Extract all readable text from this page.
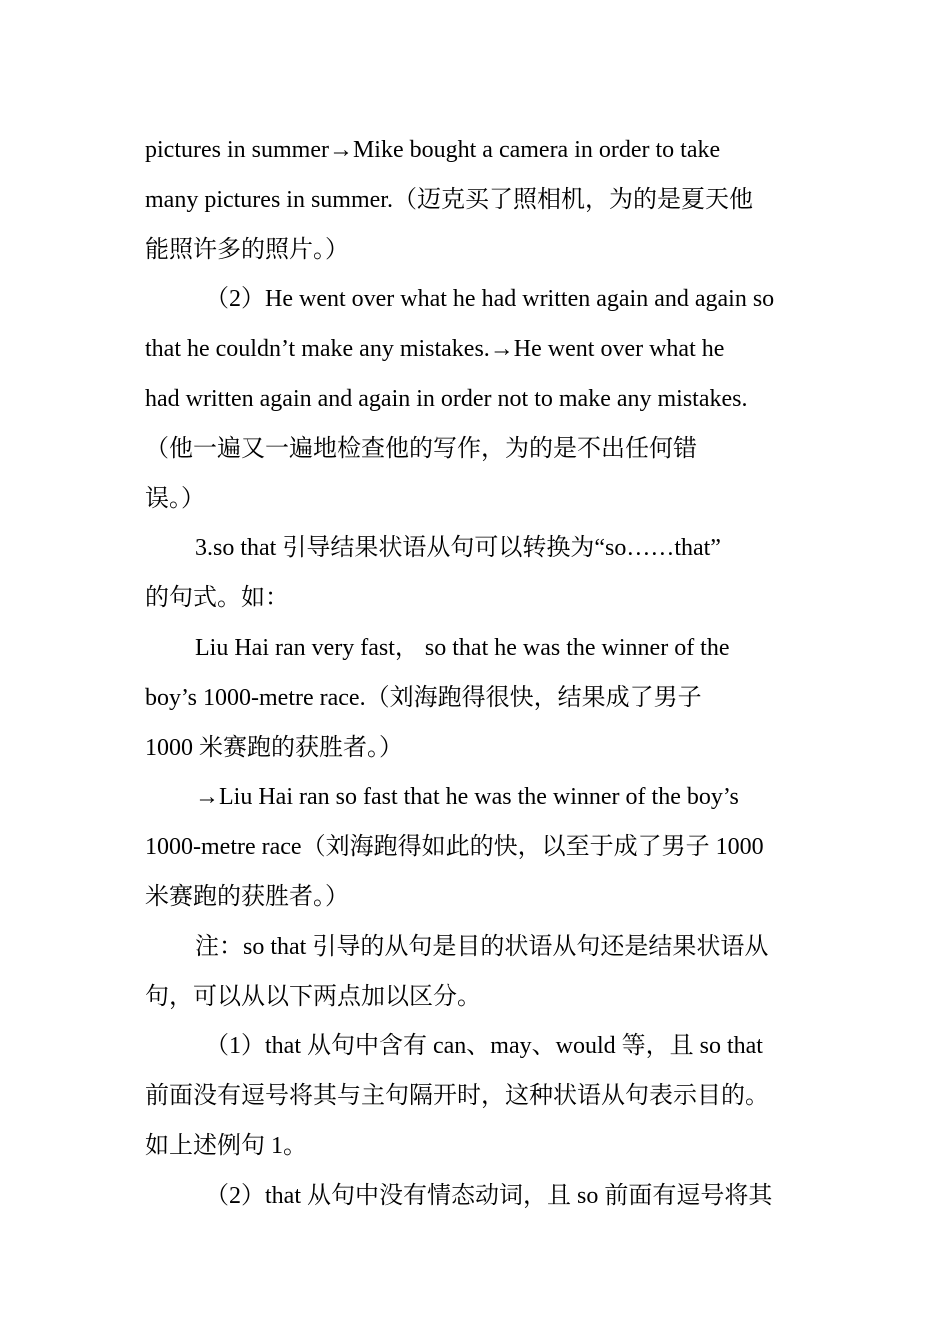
pictures in summer→Mike bought a camera in order to take
many pictures in summer.（迈克买了照相机，为的是夏天他
能照许多的照片。）
（2）He went over what he had written again and again so
that he couldn’t make any mistakes.→He went over what he
had written again and again in order not to make any mistakes.
（他一遍又一遍地检查他的写作，为的是不出任何错
误。）
3.so that 引导结果状语从句可以转换为“so……that”
的句式。如：
Liu Hai ran very fast， so that he was the winner of the
boy’s 1000-metre race.（刘海跑得很快，结果成了男子
1000 米赛跑的获胜者。）
→Liu Hai ran so fast that he was the winner of the boy’s
1000-metre race（刘海跑得如此的快，以至于成了男子 1000
米赛跑的获胜者。）
注：so that 引导的从句是目的状语从句还是结果状语从
句，可以从以下两点加以区分。
（1）that 从句中含有 can、may、would 等，且 so that
前面没有逗号将其与主句隔开时，这种状语从句表示目的。
如上述例句 1。
（2）that 从句中没有情态动词，且 so 前面有逗号将其
